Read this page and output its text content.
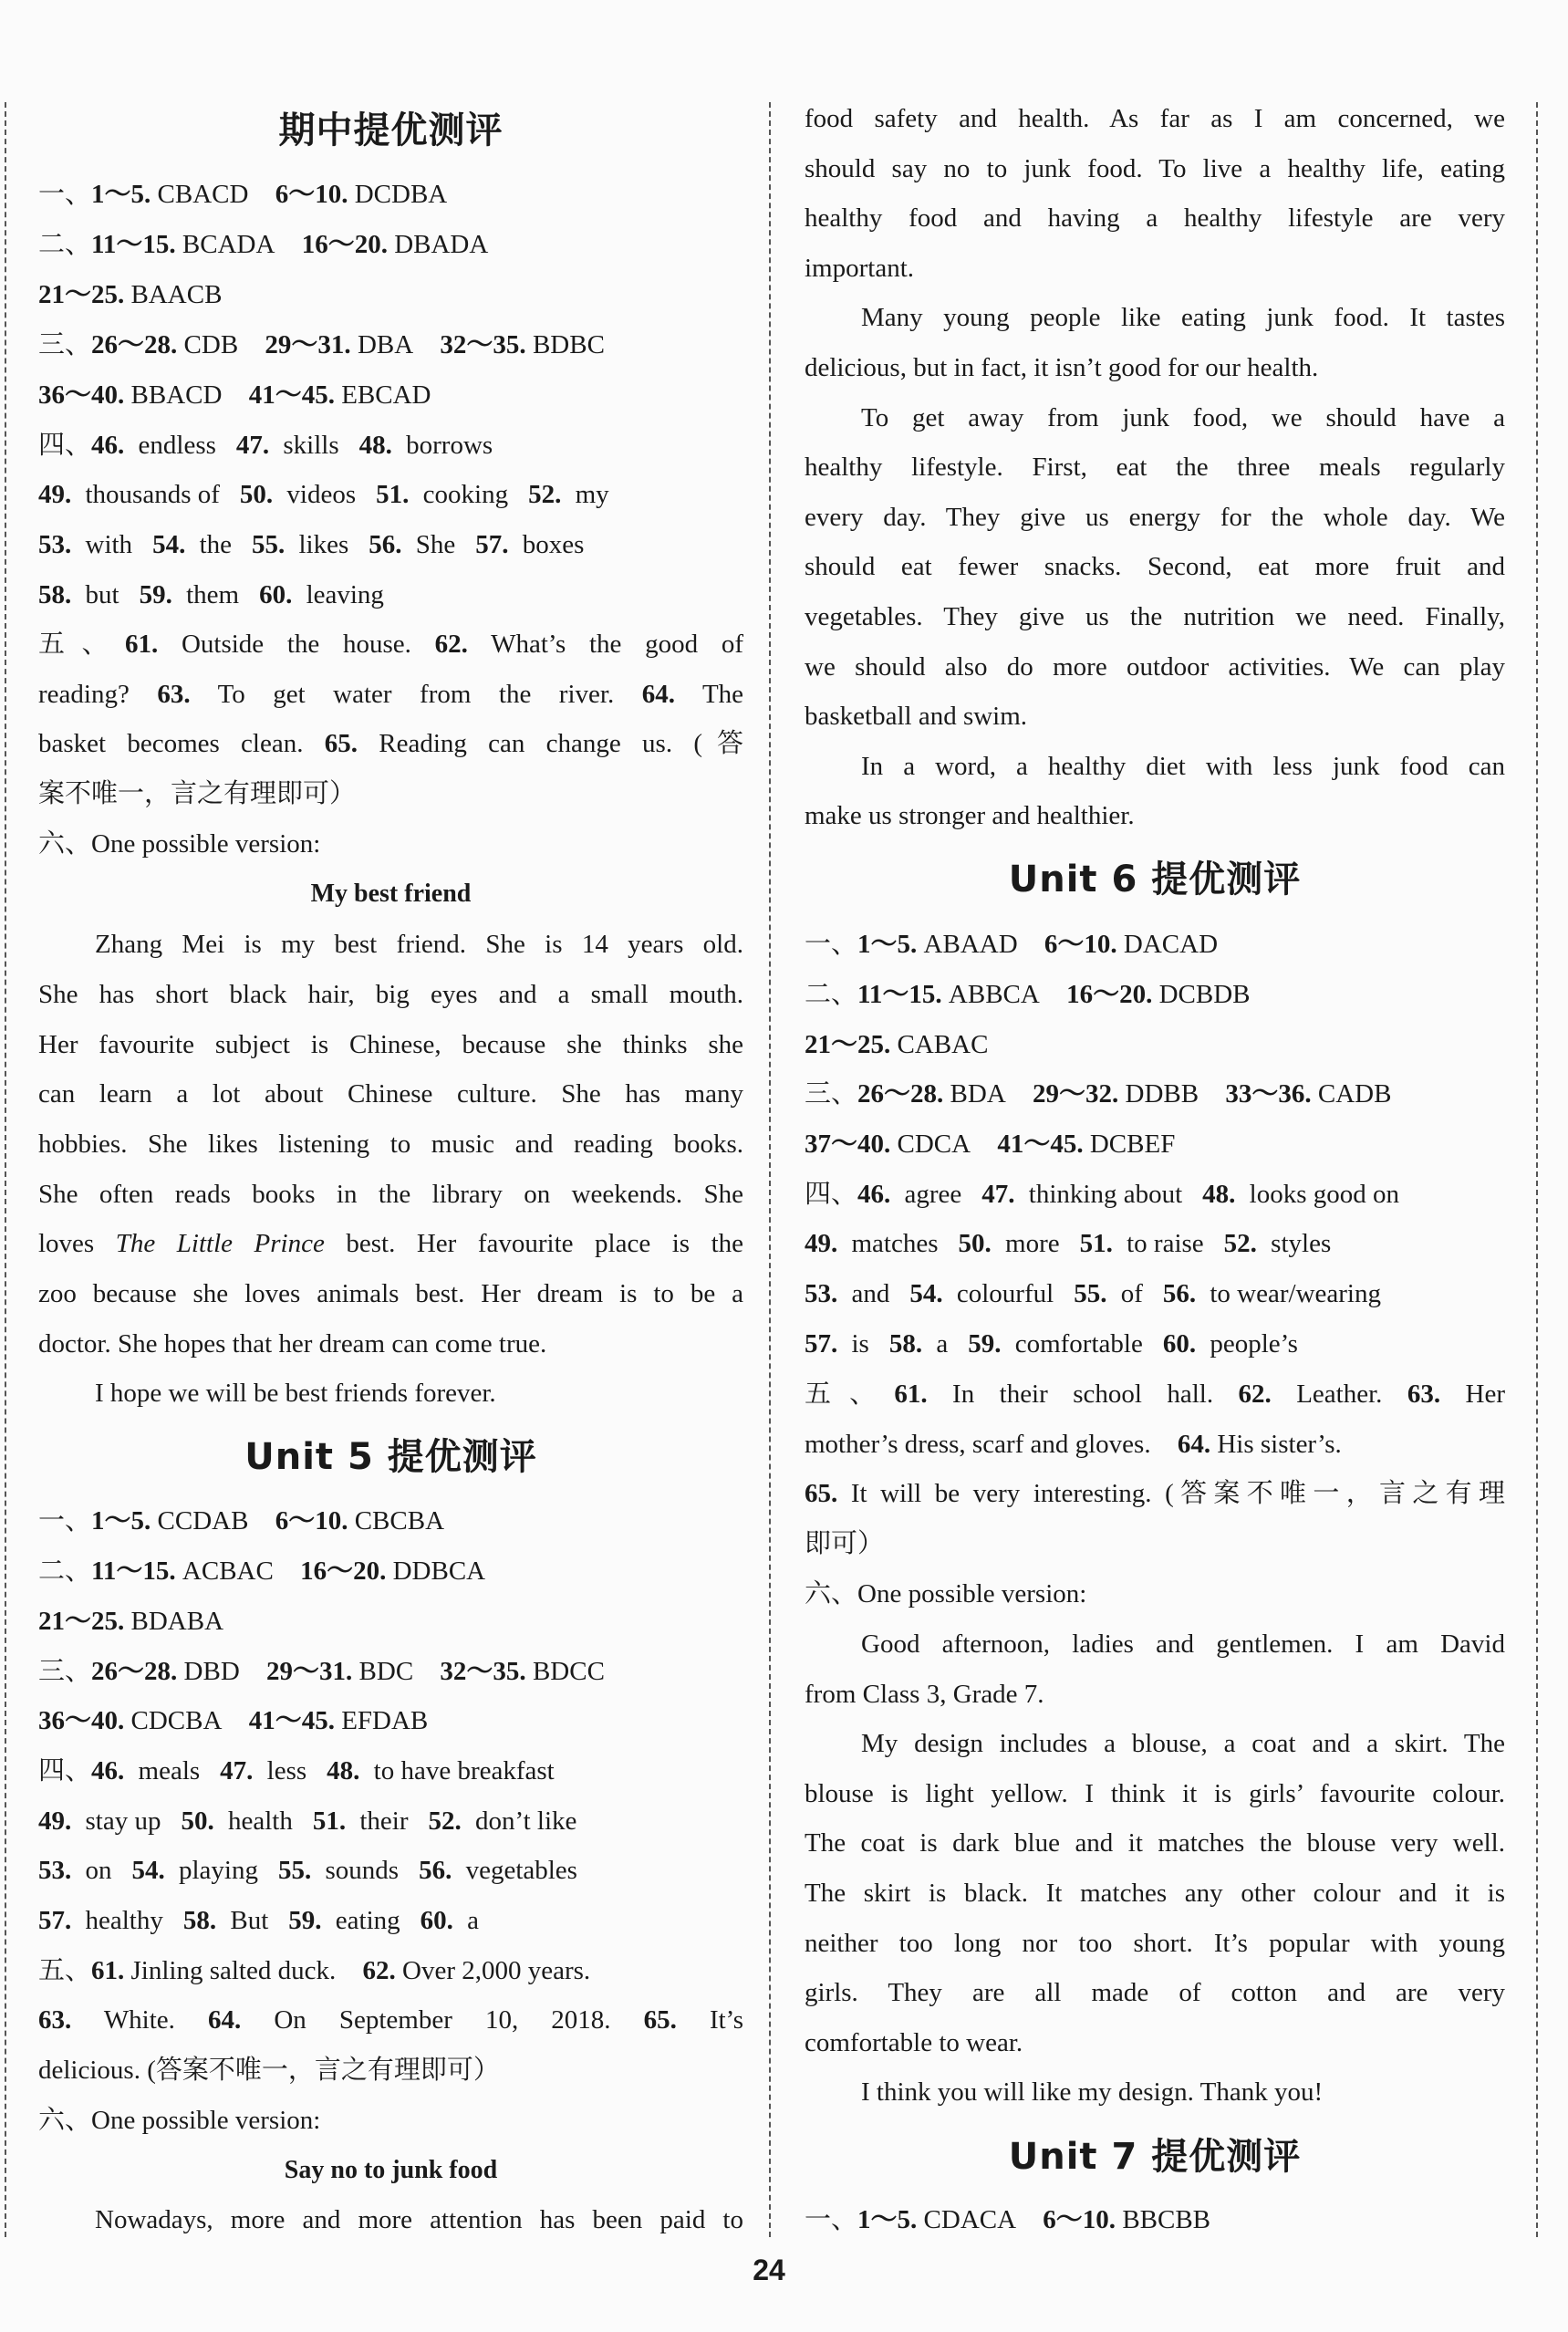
期中提优测评
一、1～5. CBACD 6～10. DCDBA
二、11～15. BCADA 16～20. DBADA
21～25. BAACB
三、26～28. CDB 29～31. DBA 32～35. BDBC
36～40. BBACD 41～45. EBCAD
四、46. endless 47. skills 48. borrows
49. thousands of 50. videos 51. cooking 52. my
53. with 54. the 55. likes 56. She 57. boxes
58. but 59. them 60. leaving
五、61. Outside the house. 62. What’s the good of
reading? 63. To get water from the river. 64. The
basket becomes clean. 65. Reading can change us. (答
案不唯一，言之有理即可）
六、One possible version:
My best friend
Zhang Mei is my best friend. She is 14 years old.
She has short black hair, big eyes and a small mouth.
Her favourite subject is Chinese, because she thinks she
can learn a lot about Chinese culture. She has many
hobbies. She likes listening to music and reading books.
She often reads books in the library on weekends. She
loves The Little Prince best. Her favourite place is the
zoo because she loves animals best. Her dream is to be a
doctor. She hopes that her dream can come true.
I hope we will be best friends forever.
Unit 5 提优测评
一、1～5. CCDAB 6～10. CBCBA
二、11～15. ACBAC 16～20. DDBCA
21～25. BDABA
三、26～28. DBD 29～31. BDC 32～35. BDCC
36～40. CDCBA 41～45. EFDAB
四、46. meals 47. less 48. to have breakfast
49. stay up 50. health 51. their 52. don’t like
53. on 54. playing 55. sounds 56. vegetables
57. healthy 58. But 59. eating 60. a
五、61. Jinling salted duck. 62. Over 2,000 years.
63. White. 64. On September 10, 2018. 65. It’s
delicious. (答案不唯一，言之有理即可）
六、One possible version:
Say no to junk food
Nowadays, more and more attention has been paid to
food safety and health. As far as I am concerned, we
should say no to junk food. To live a healthy life, eating
healthy food and having a healthy lifestyle are very
important.
Many young people like eating junk food. It tastes
delicious, but in fact, it isn’t good for our health.
To get away from junk food, we should have a
healthy lifestyle. First, eat the three meals regularly
every day. They give us energy for the whole day. We
should eat fewer snacks. Second, eat more fruit and
vegetables. They give us the nutrition we need. Finally,
we should also do more outdoor activities. We can play
basketball and swim.
In a word, a healthy diet with less junk food can
make us stronger and healthier.
Unit 6 提优测评
一、1～5. ABAAD 6～10. DACAD
二、11～15. ABBCA 16～20. DCBDB
21～25. CABAC
三、26～28. BDA 29～32. DDBB 33～36. CADB
37～40. CDCA 41～45. DCBEF
四、46. agree 47. thinking about 48. looks good on
49. matches 50. more 51. to raise 52. styles
53. and 54. colourful 55. of 56. to wear/wearing
57. is 58. a 59. comfortable 60. people’s
五、61. In their school hall. 62. Leather. 63. Her
mother’s dress, scarf and gloves. 64. His sister’s.
65. It will be very interesting. (答案不唯一，言之有理
即可）
六、One possible version:
Good afternoon, ladies and gentlemen. I am David
from Class 3, Grade 7.
My design includes a blouse, a coat and a skirt. The
blouse is light yellow. I think it is girls’ favourite colour.
The coat is dark blue and it matches the blouse very well.
The skirt is black. It matches any other colour and it is
neither too long nor too short. It’s popular with young
girls. They are all made of cotton and are very
comfortable to wear.
I think you will like my design. Thank you!
Unit 7 提优测评
一、1～5. CDACA 6～10. BBCBB
24
